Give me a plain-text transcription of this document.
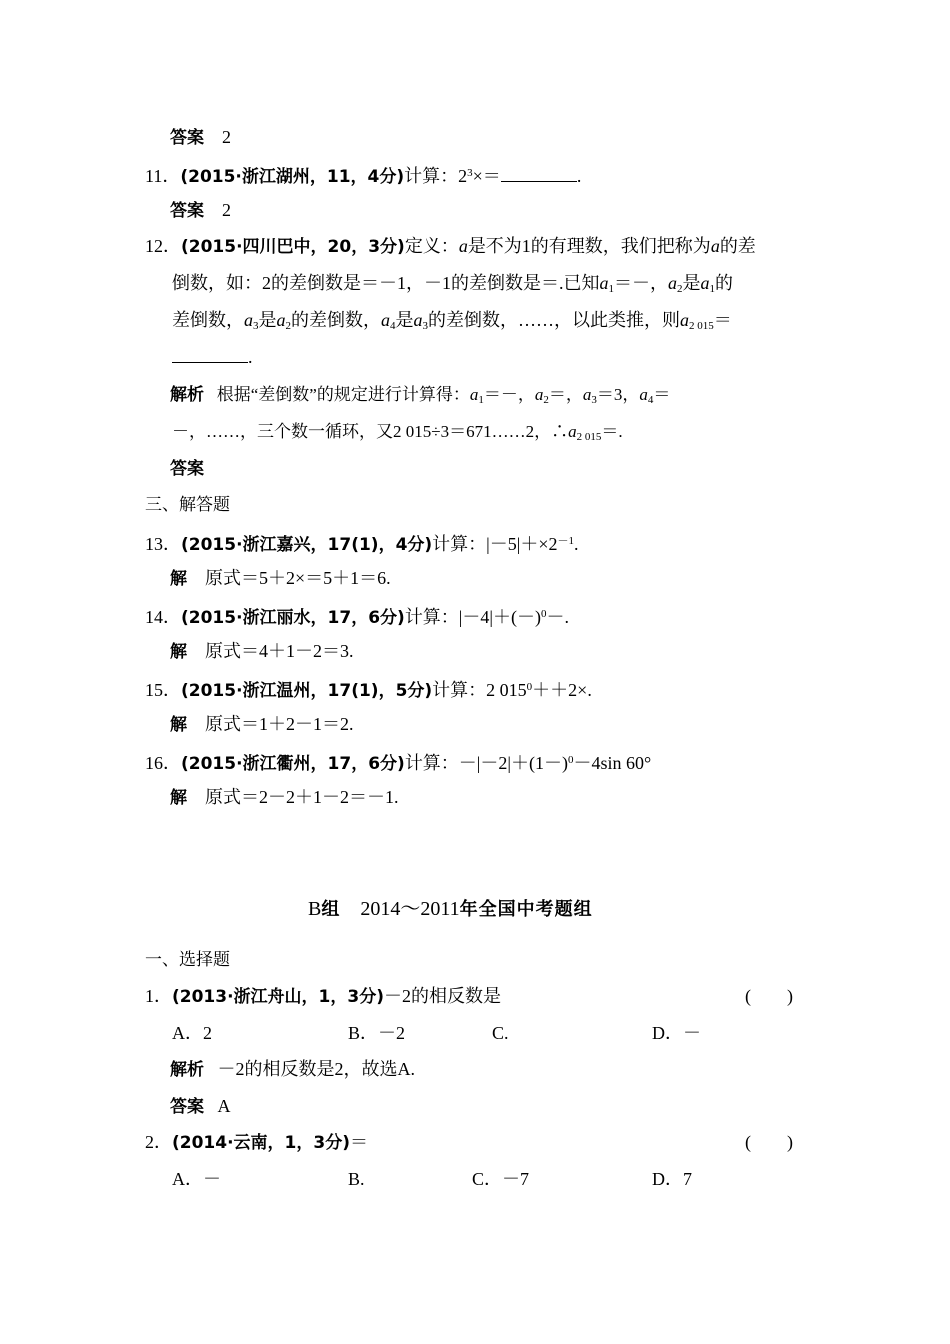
答案 2
11．(2015·浙江湖州，11，4分)计算：$2^3\times=$	.
答案 2
12．(2015·四川巴中，20，3分)定义：a是不为1的有理数，我们把称为a的差
倒数，如：2的差倒数是＝－1，－1的差倒数是＝.已知$a_1=-$，$a_2$是$a_1$的
差倒数，$a_3$是$a_2$的差倒数，$a_4$是$a_3$的差倒数，……，以此类推，则$a_{2 015}=$
.
解析 根据“差倒数”的规定进行计算得：$a_1=-$，$a_2=$，$a_3=3$，$a_4=$
－，……，三个数一循环，又2 015÷3＝671……2，$\therefore a_{2 015}=$.
答案
三、解答题
13．(2015·浙江嘉兴，17(1)，4分)计算：$|-5|+\times 2^{-1}$.
解 原式＝5＋2×＝5＋1＝6.
14．(2015·浙江丽水，17，6分)计算：$|-4|+(-)^0-$.
解 原式＝4＋1－2＝3.
15．(2015·浙江温州，17(1)，5分)计算：2 $015^0++2\times$.
解 原式＝1＋2－1＝2.
16．(2015·浙江衢州，17，6分)计算：$-|-2|+(1-)^0-4\sin$ 60°
解 原式＝2－2＋1－2＝－1.
B组 2014～2011年全国中考题组
一、选择题
1．(2013·浙江舟山，1，3分)－2的相反数是	(　　)
A．2	B．－2	C.	D．－
解析 －2的相反数是2，故选A.
答案 A
2．(2014·云南，1，3分)＝	(　　)
A．－	B.	C．－7	D．7
